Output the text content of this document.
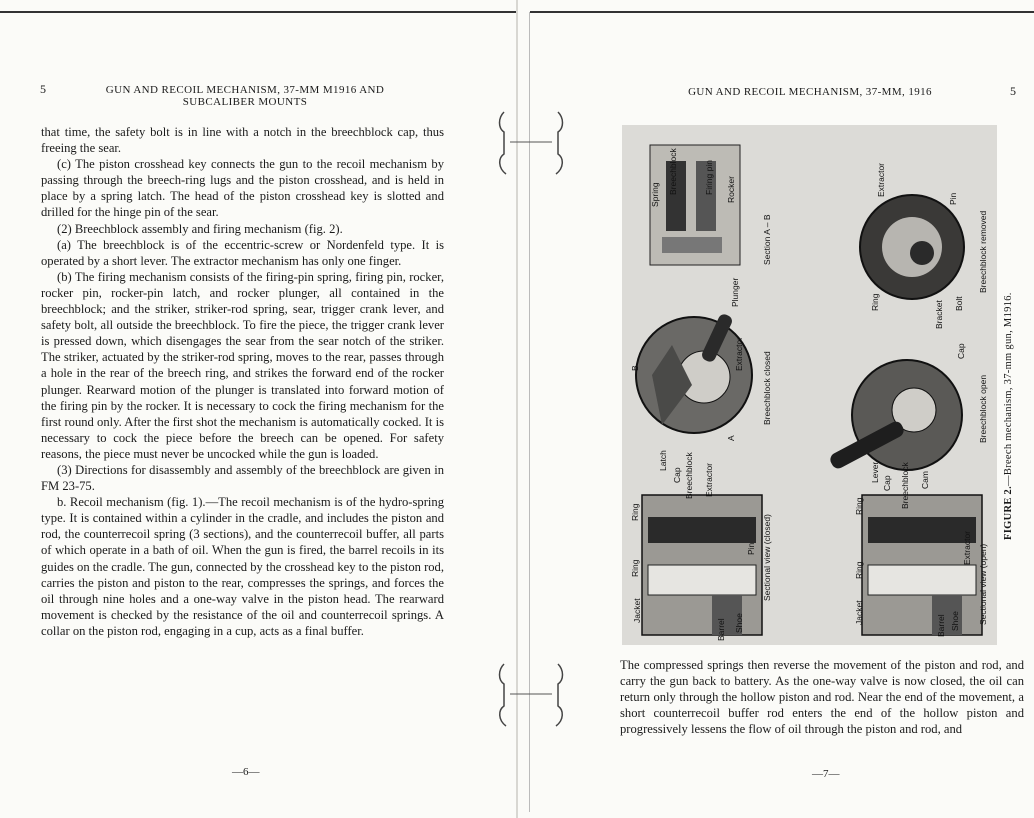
5	GUN AND RECOIL MECHANISM, 37-MM M1916 AND
SUBCALIBER MOUNTS

that time, the safety bolt is in line with a notch in the breechblock cap, thus freeing the sear.

(c) The piston crosshead key connects the gun to the recoil mechanism by passing through the breech-ring lugs and the piston crosshead, and is held in place by a spring latch. The head of the piston crosshead key is slotted and drilled for the hinge pin of the sear.

(2) Breechblock assembly and firing mechanism (fig. 2).

(a) The breechblock is of the eccentric-screw or Nordenfeld type. It is operated by a short lever. The extractor mechanism has only one finger.

(b) The firing mechanism consists of the firing-pin spring, firing pin, rocker, rocker pin, rocker-pin latch, and rocker plunger, all contained in the breechblock; and the striker, striker-rod spring, sear, trigger crank lever, and safety bolt, all outside the breechblock. To fire the piece, the trigger crank lever is pressed down, which disengages the sear from the sear notch of the striker. The striker, actuated by the striker-rod spring, moves to the rear, passes through a hole in the rear of the breech ring, and strikes the forward end of the rocker plunger. Rearward motion of the plunger is translated into forward motion of the firing pin by the rocker. It is necessary to cock the firing mechanism for the first round only. After the first shot the mechanism is automatically cocked. It is necessary to cock the piece before the breech can be opened. For safety reasons, the piece must never be uncocked while the gun is loaded.

(3) Directions for disassembly and assembly of the breechblock are given in FM 23-75.

b. Recoil mechanism (fig. 1).—The recoil mechanism is of the hydro-spring type. It is contained within a cylinder in the cradle, and includes the piston and rod, the counterrecoil spring (3 sections), and the counterrecoil buffer, all parts of which operate in a bath of oil. When the gun is fired, the barrel recoils in its guides on the cradle. The gun, connected by the crosshead key to the piston rod, carries the piston and piston to the rear, compresses the springs, and forces the oil through nine holes and a one-way valve in the piston head. The rearward movement is checked by the resistance of the oil and counterrecoil springs. A collar on the piston rod, engaging in a cup, acts as a final buffer.

—6—
GUN AND RECOIL MECHANISM, 37-MM, 1916	5
Spring Breechblock	Firing pin Rocker
Plunger
Section A – B
B	Extractor Breechblock closed
Latch
Cap Breechblock Extractor
A
Ring
Ring
Jacket
Barrel Shoe
Pin Sectional view (closed)
Extractor
Pin
Ring	Bracket Bolt
Breechblock removed
Cap
Breechblock open
Lever
Cap Breechblock Cam
Ring
Ring
Jacket
Barrel Shoe
Extractor Sectional view (open)
FIGURE 2.—Breech mechanism, 37-mm gun, M1916.
The compressed springs then reverse the movement of the piston and rod, and carry the gun back to battery. As the one-way valve is now closed, the oil can return only through the hollow piston and rod. Near the end of the movement, a short counterrecoil buffer rod enters the end of the hollow piston and progressively lessens the flow of oil through the piston and rod, and
—7—
